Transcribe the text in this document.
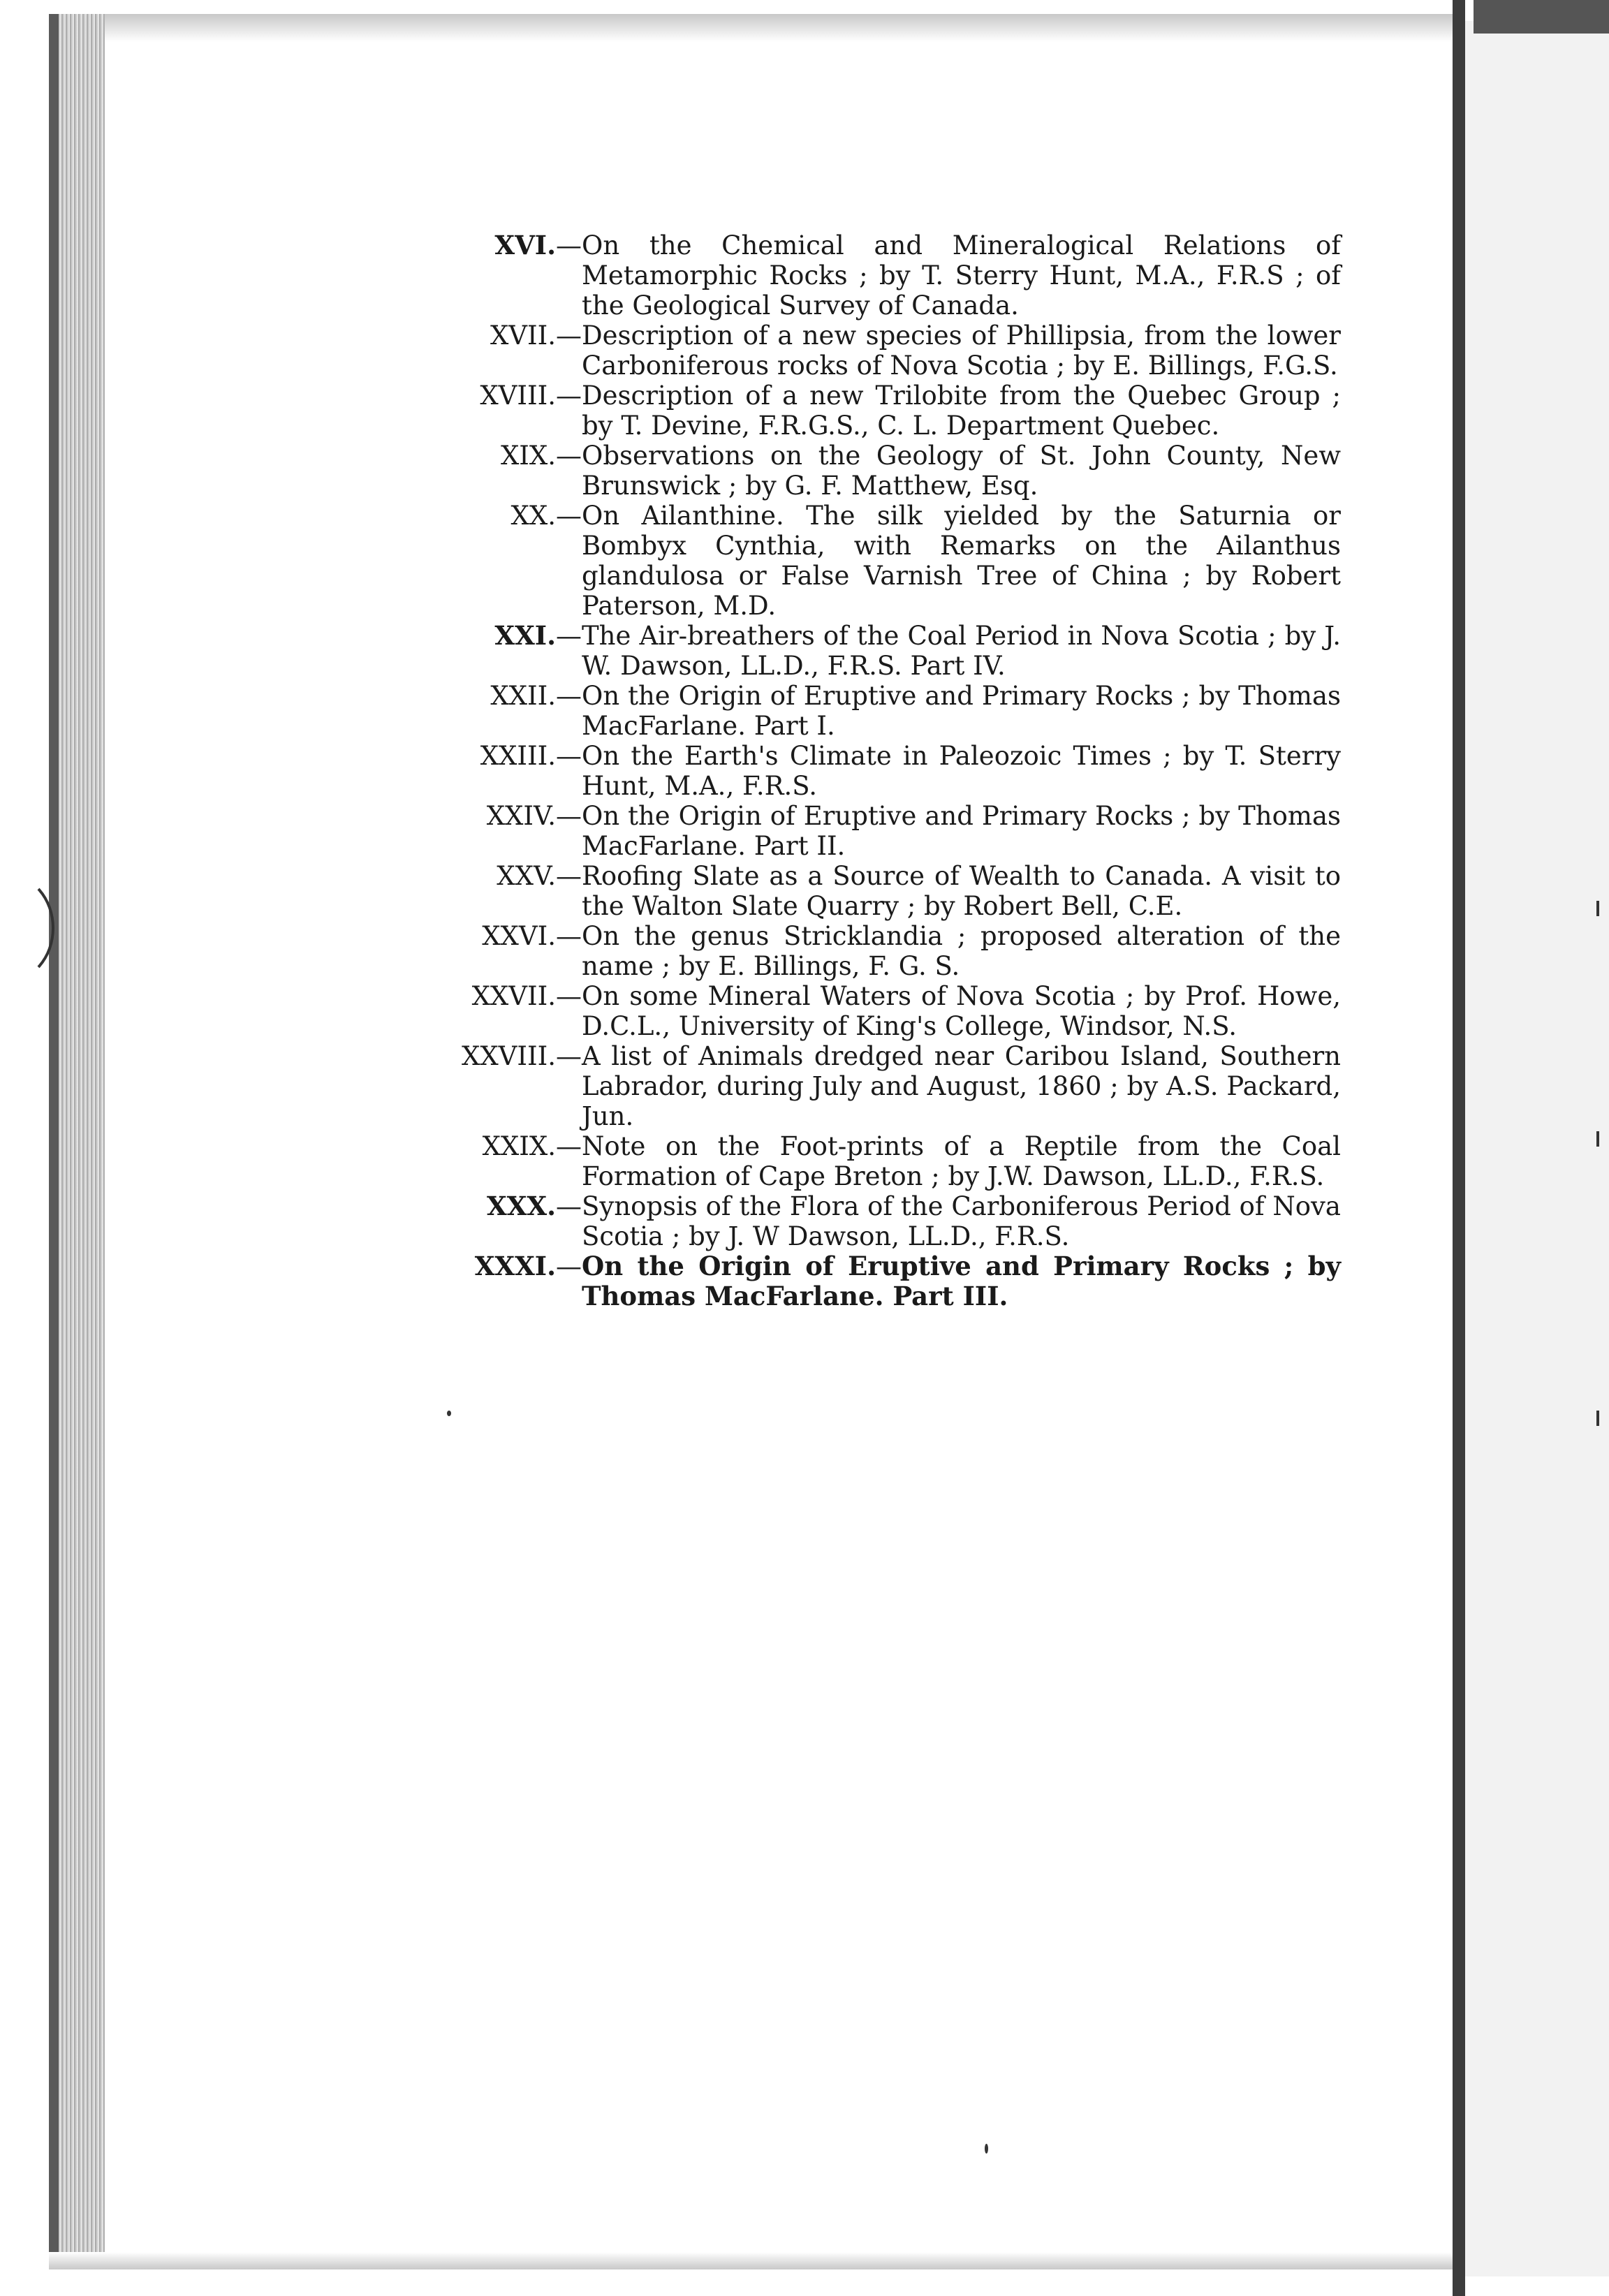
XVI. — On the Chemical and Mineralogical Relations of Metamorphic Rocks ; by T. Sterry Hunt, M.A., F.R.S ; of the Geological Survey of Canada.
XVII. — Description of a new species of Phillipsia, from the lower Carboniferous rocks of Nova Scotia ; by E. Billings, F.G.S.
XVIII. — Description of a new Trilobite from the Quebec Group ; by T. Devine, F.R.G.S., C. L. Department Quebec.
XIX. — Observations on the Geology of St. John County, New Brunswick ; by G. F. Matthew, Esq.
XX. — On Ailanthine. The silk yielded by the Saturnia or Bombyx Cynthia, with Remarks on the Ailanthus glandulosa or False Varnish Tree of China ; by Robert Paterson, M.D.
XXI. — The Air-breathers of the Coal Period in Nova Scotia ; by J. W. Dawson, LL.D., F.R.S. Part IV.
XXII. — On the Origin of Eruptive and Primary Rocks ; by Thomas MacFarlane. Part I.
XXIII. — On the Earth's Climate in Paleozoic Times ; by T. Sterry Hunt, M.A., F.R.S.
XXIV. — On the Origin of Eruptive and Primary Rocks ; by Thomas MacFarlane. Part II.
XXV. — Roofing Slate as a Source of Wealth to Canada. A visit to the Walton Slate Quarry ; by Robert Bell, C.E.
XXVI. — On the genus Stricklandia ; proposed alteration of the name ; by E. Billings, F. G. S.
XXVII. — On some Mineral Waters of Nova Scotia ; by Prof. Howe, D.C.L., University of King's College, Windsor, N.S.
XXVIII. — A list of Animals dredged near Caribou Island, Southern Labrador, during July and August, 1860 ; by A.S. Packard, Jun.
XXIX. — Note on the Foot-prints of a Reptile from the Coal Formation of Cape Breton ; by J.W. Dawson, LL.D., F.R.S.
XXX. — Synopsis of the Flora of the Carboniferous Period of Nova Scotia ; by J. W Dawson, LL.D., F.R.S.
XXXI. — On the Origin of Eruptive and Primary Rocks ; by Thomas MacFarlane. Part III.
